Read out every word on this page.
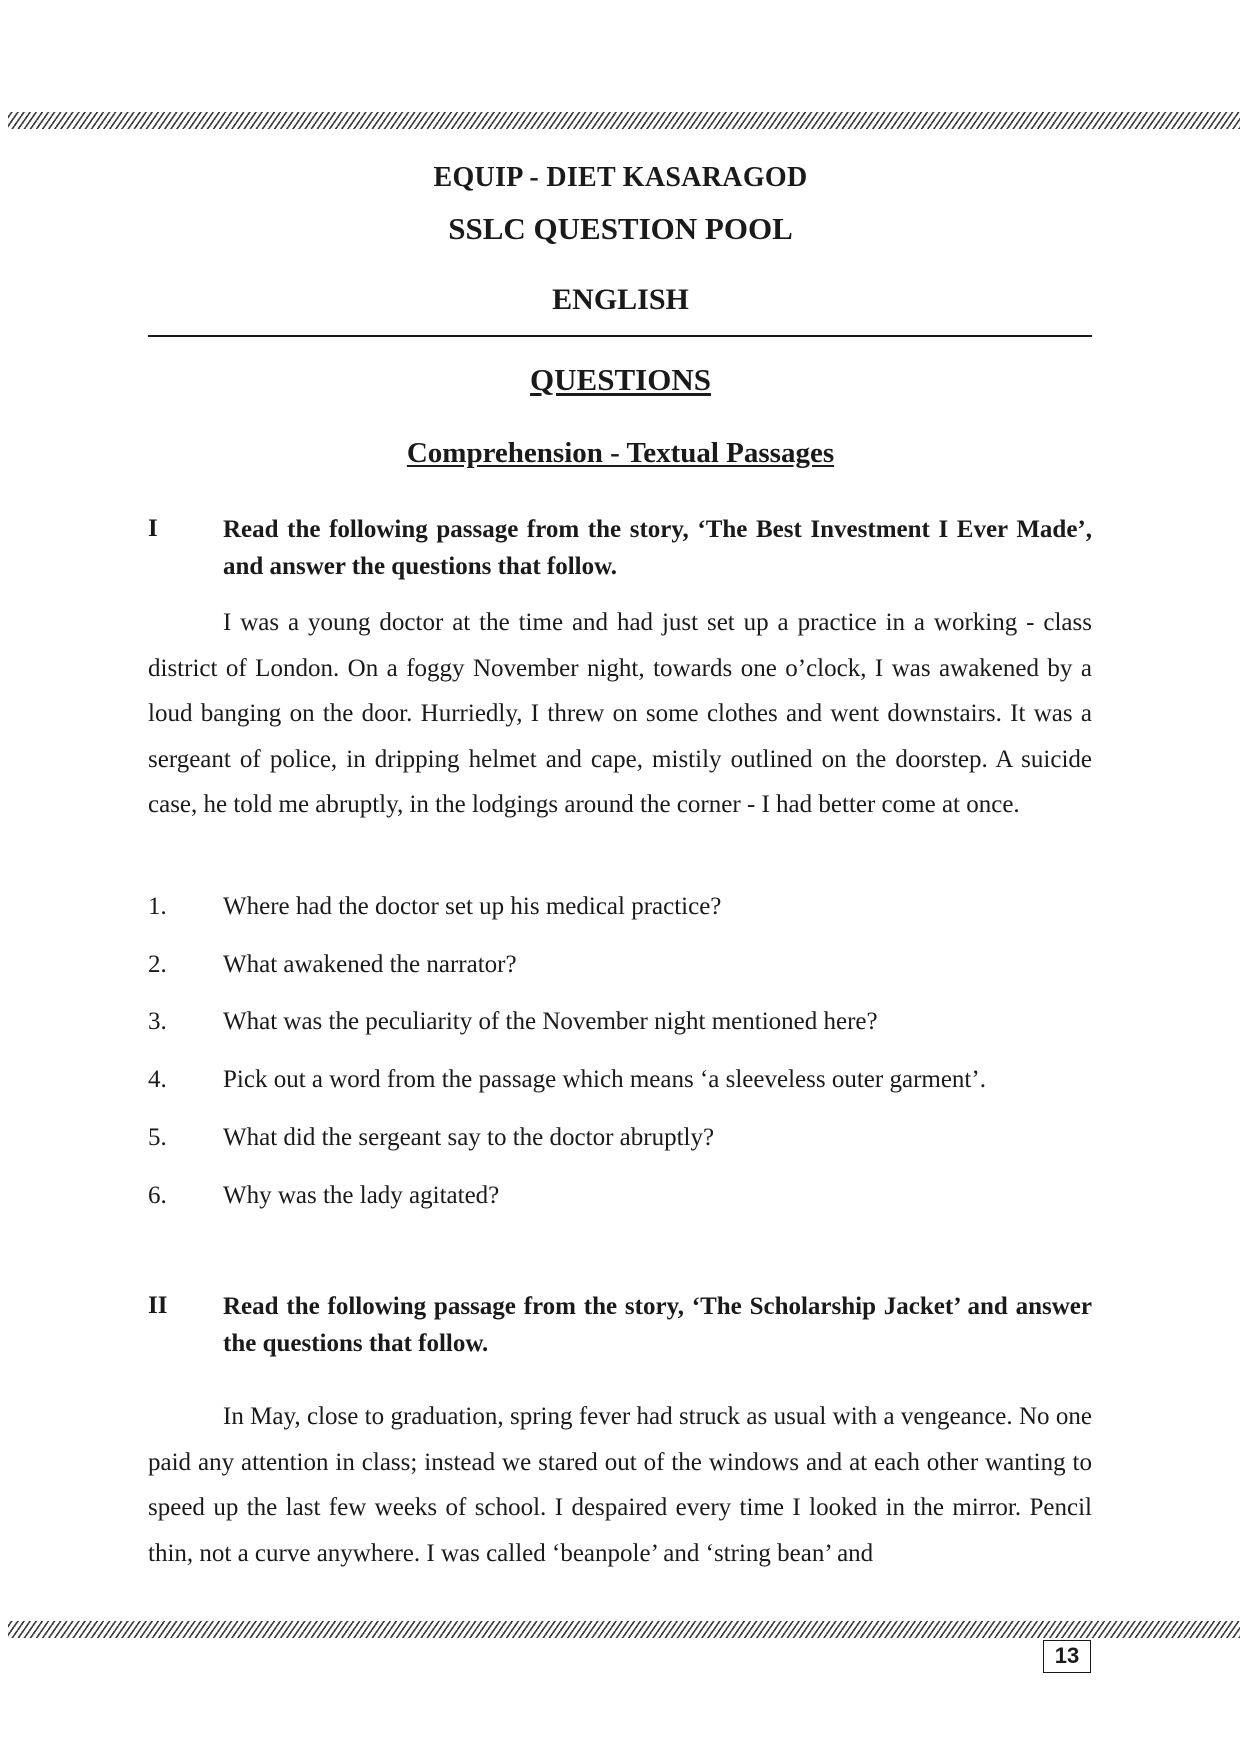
EQUIP - DIET KASARAGOD
SSLC QUESTION POOL
ENGLISH
QUESTIONS
Comprehension - Textual Passages
I	Read the following passage from the story, ‘The Best Investment I Ever Made’, and answer the questions that follow.
I was a young doctor at the time and had just set up a practice in a working - class district of London. On a foggy November night, towards one o’clock, I was awakened by a loud banging on the door. Hurriedly, I threw on some clothes and went downstairs. It was a sergeant of police, in dripping helmet and cape, mistily outlined on the doorstep. A suicide case, he told me abruptly, in the lodgings around the corner - I had better come at once.
1. Where had the doctor set up his medical practice?
2. What awakened the narrator?
3. What was the peculiarity of the November night mentioned here?
4. Pick out a word from the passage which means ‘a sleeveless outer garment’.
5. What did the sergeant say to the doctor abruptly?
6. Why was the lady agitated?
II Read the following passage from the story, ‘The Scholarship Jacket’ and answer the questions that follow.
In May, close to graduation, spring fever had struck as usual with a vengeance. No one paid any attention in class; instead we stared out of the windows and at each other wanting to speed up the last few weeks of school. I despaired every time I looked in the mirror. Pencil thin, not a curve anywhere. I was called ‘beanpole’ and ‘string bean’ and
13
